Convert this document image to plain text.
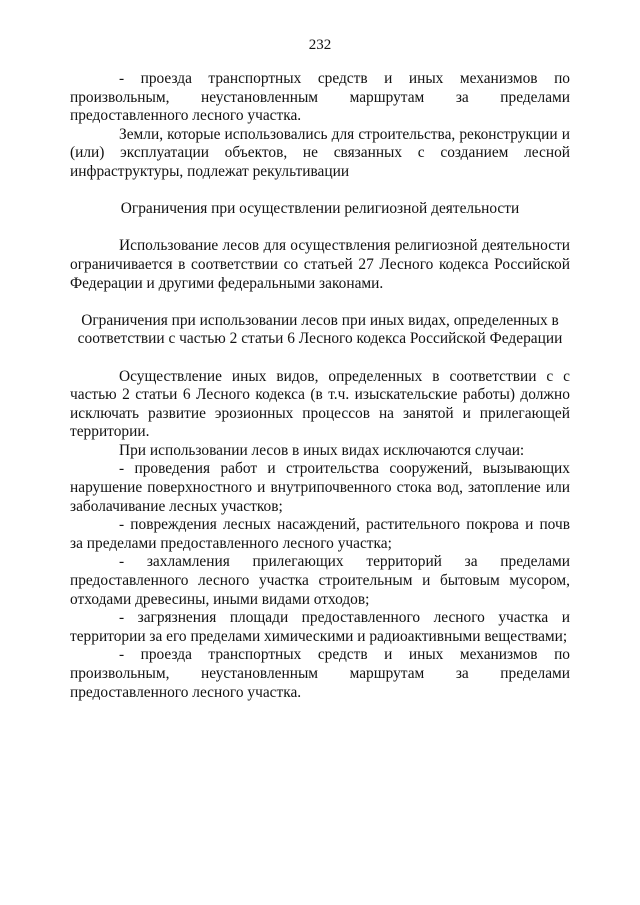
232

- проезда транспортных средств и иных механизмов по произвольным, неустановленным маршрутам за пределами предоставленного лесного участка.

Земли, которые использовались для строительства, реконструкции и (или) эксплуатации объектов, не связанных с созданием лесной инфраструктуры, подлежат рекультивации

Ограничения при осуществлении религиозной деятельности

Использование лесов для осуществления религиозной деятельности ограничивается в соответствии со статьей 27 Лесного кодекса Российской Федерации и другими федеральными законами.

Ограничения при использовании лесов при иных видах, определенных в
соответствии с частью 2 статьи 6 Лесного кодекса Российской Федерации

Осуществление иных видов, определенных в соответствии с с частью 2 статьи 6 Лесного кодекса (в т.ч. изыскательские работы) должно исключать развитие эрозионных процессов на занятой и прилегающей территории.

При использовании лесов в иных видах исключаются случаи:

- проведения работ и строительства сооружений, вызывающих нарушение поверхностного и внутрипочвенного стока вод, затопление или заболачивание лесных участков;

- повреждения лесных насаждений, растительного покрова и почв за пределами предоставленного лесного участка;

- захламления прилегающих территорий за пределами предоставленного лесного участка строительным и бытовым мусором, отходами древесины, иными видами отходов;

- загрязнения площади предоставленного лесного участка и территории за его пределами химическими и радиоактивными веществами;

- проезда транспортных средств и иных механизмов по произвольным, неустановленным маршрутам за пределами предоставленного лесного участка.
